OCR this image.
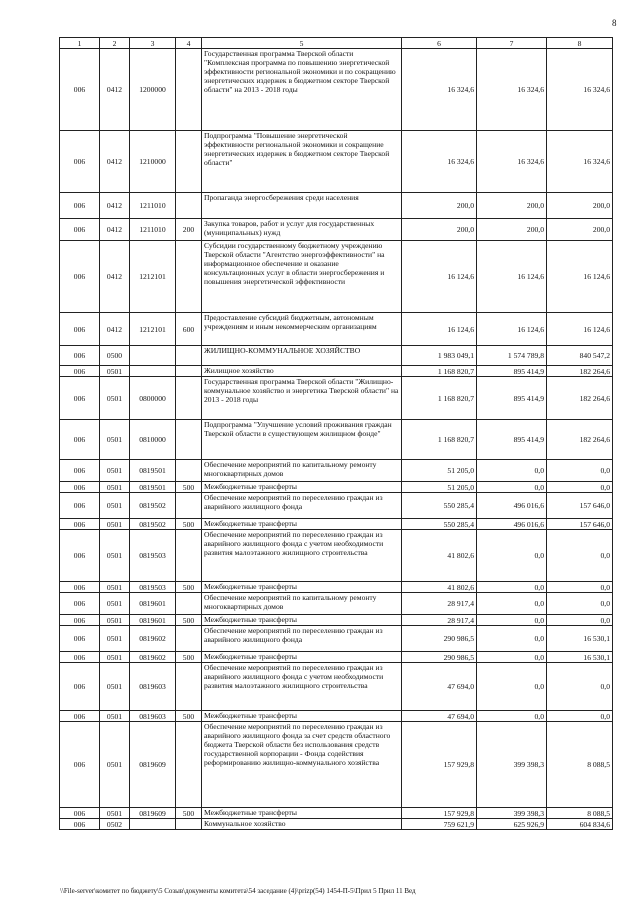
8
1	2	3	4	5	6	7	8
006	0412	1200000		Государственная программа Тверской области "Комплексная программа по повышению энергетической эффективности региональной экономики и по сокращению энергетических издержек в бюджетном секторе Тверской области" на 2013 - 2018 годы	16 324,6	16 324,6	16 324,6
006	0412	1210000		Подпрограмма "Повышение энергетической эффективности региональной экономики и сокращение энергетических издержек в бюджетном секторе Тверской области"	16 324,6	16 324,6	16 324,6
006	0412	1211010		Пропаганда энергосбережения среди населения	200,0	200,0	200,0
006	0412	1211010	200	Закупка товаров, работ и услуг для государственных (муниципальных) нужд	200,0	200,0	200,0
006	0412	1212101		Субсидии государственному бюджетному учреждению Тверской области "Агентство энергоэффективности" на информационное обеспечение и оказание консультационных услуг в области энергосбережения и повышения энергетической эффективности	16 124,6	16 124,6	16 124,6
006	0412	1212101	600	Предоставление субсидий бюджетным, автономным учреждениям и иным некоммерческим организациям	16 124,6	16 124,6	16 124,6
006	0500			ЖИЛИЩНО-КОММУНАЛЬНОЕ ХОЗЯЙСТВО	1 983 049,1	1 574 789,8	840 547,2
006	0501			Жилищное хозяйство	1 168 820,7	895 414,9	182 264,6
006	0501	0800000		Государственная программа Тверской области "Жилищно-коммунальное хозяйство и энергетика Тверской области" на 2013 - 2018 годы	1 168 820,7	895 414,9	182 264,6
006	0501	0810000		Подпрограмма "Улучшение условий проживания граждан Тверской области в существующем жилищном фонде"	1 168 820,7	895 414,9	182 264,6
006	0501	0819501		Обеспечение мероприятий по капитальному ремонту многоквартирных домов	51 205,0	0,0	0,0
006	0501	0819501	500	Межбюджетные трансферты	51 205,0	0,0	0,0
006	0501	0819502		Обеспечение мероприятий по переселению граждан из аварийного жилищного фонда	550 285,4	496 016,6	157 646,0
006	0501	0819502	500	Межбюджетные трансферты	550 285,4	496 016,6	157 646,0
006	0501	0819503		Обеспечение мероприятий по переселению граждан из аварийного жилищного фонда с учетом необходимости развития малоэтажного жилищного строительства	41 802,6	0,0	0,0
006	0501	0819503	500	Межбюджетные трансферты	41 802,6	0,0	0,0
006	0501	0819601		Обеспечение мероприятий по капитальному ремонту многоквартирных домов	28 917,4	0,0	0,0
006	0501	0819601	500	Межбюджетные трансферты	28 917,4	0,0	0,0
006	0501	0819602		Обеспечение мероприятий по переселению граждан из аварийного жилищного фонда	290 986,5	0,0	16 530,1
006	0501	0819602	500	Межбюджетные трансферты	290 986,5	0,0	16 530,1
006	0501	0819603		Обеспечение мероприятий по переселению граждан из аварийного жилищного фонда с учетом необходимости развития малоэтажного жилищного строительства	47 694,0	0,0	0,0
006	0501	0819603	500	Межбюджетные трансферты	47 694,0	0,0	0,0
006	0501	0819609		Обеспечение мероприятий по переселению граждан из аварийного жилищного фонда за счет средств областного бюджета Тверской области без использования средств государственной корпорации - Фонда содействия реформированию жилищно-коммунального хозяйства	157 929,8	399 398,3	8 088,5
006	0501	0819609	500	Межбюджетные трансферты	157 929,8	399 398,3	8 088,5
006	0502			Коммунальное хозяйство	759 621,9	625 926,9	604 834,6
\\File-server\комитет по бюджету\5 Созыв\документы комитета\54 заседание (4)\prizp(54) 1454-П-5\Прил 5 Прил 11 Вед
